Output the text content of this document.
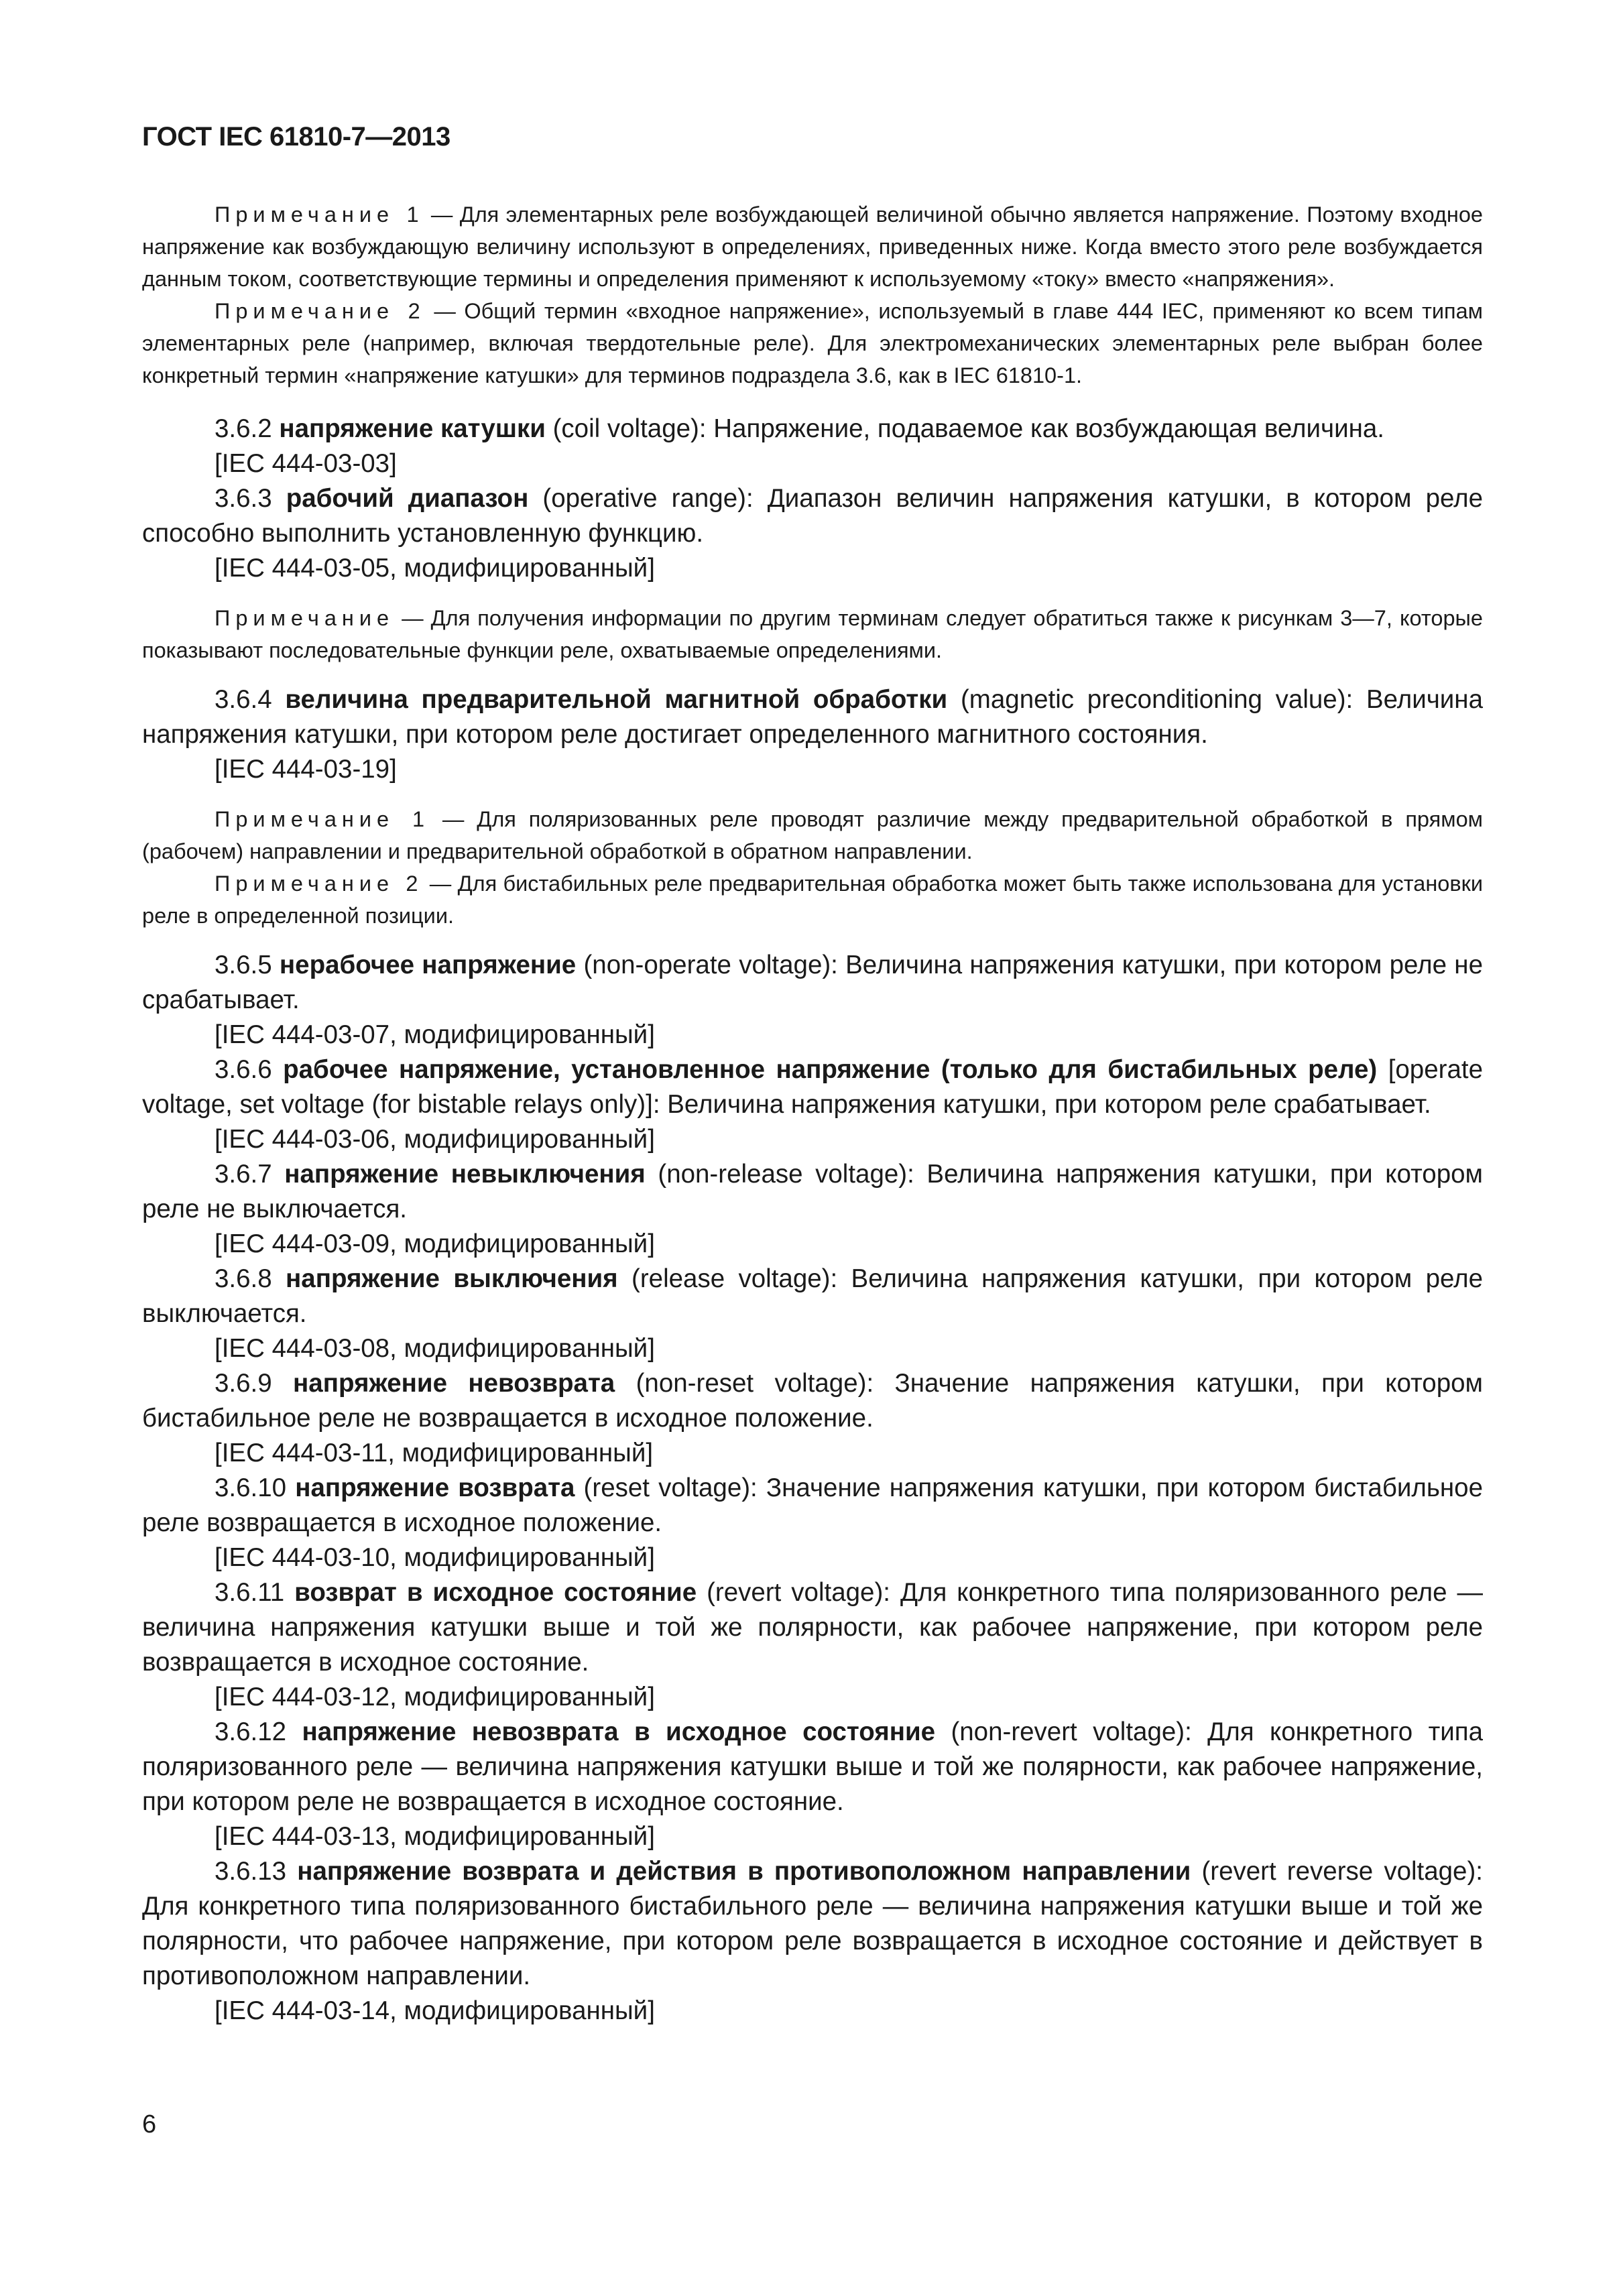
ГОСТ IEC 61810-7—2013

Примечание 1 — Для элементарных реле возбуждающей величиной обычно является напряжение. Поэтому входное напряжение как возбуждающую величину используют в определениях, приведенных ниже. Когда вместо этого реле возбуждается данным током, соответствующие термины и определения применяют к используемому «току» вместо «напряжения».

Примечание 2 — Общий термин «входное напряжение», используемый в главе 444 IEC, применяют ко всем типам элементарных реле (например, включая твердотельные реле). Для электромеханических элементарных реле выбран более конкретный термин «напряжение катушки» для терминов подраздела 3.6, как в IEC 61810-1.

3.6.2 напряжение катушки (coil voltage): Напряжение, подаваемое как возбуждающая величина.

[IEC 444-03-03]

3.6.3 рабочий диапазон (operative range): Диапазон величин напряжения катушки, в котором реле способно выполнить установленную функцию.

[IEC 444-03-05, модифицированный]

Примечание — Для получения информации по другим терминам следует обратиться также к рисункам 3—7, которые показывают последовательные функции реле, охватываемые определениями.

3.6.4 величина предварительной магнитной обработки (magnetic preconditioning value): Величина напряжения катушки, при котором реле достигает определенного магнитного состояния.

[IEC 444-03-19]

Примечание 1 — Для поляризованных реле проводят различие между предварительной обработкой в прямом (рабочем) направлении и предварительной обработкой в обратном направлении.

Примечание 2 — Для бистабильных реле предварительная обработка может быть также использована для установки реле в определенной позиции.

3.6.5 нерабочее напряжение (non-operate voltage): Величина напряжения катушки, при котором реле не срабатывает.

[IEC 444-03-07, модифицированный]

3.6.6 рабочее напряжение, установленное напряжение (только для бистабильных реле) [operate voltage, set voltage (for bistable relays only)]: Величина напряжения катушки, при котором реле срабатывает.

[IEC 444-03-06, модифицированный]

3.6.7 напряжение невыключения (non-release voltage): Величина напряжения катушки, при котором реле не выключается.

[IEC 444-03-09, модифицированный]

3.6.8 напряжение выключения (release voltage): Величина напряжения катушки, при котором реле выключается.

[IEC 444-03-08, модифицированный]

3.6.9 напряжение невозврата (non-reset voltage): Значение напряжения катушки, при котором бистабильное реле не возвращается в исходное положение.

[IEC 444-03-11, модифицированный]

3.6.10 напряжение возврата (reset voltage): Значение напряжения катушки, при котором бистабильное реле возвращается в исходное положение.

[IEC 444-03-10, модифицированный]

3.6.11 возврат в исходное состояние (revert voltage): Для конкретного типа поляризованного реле — величина напряжения катушки выше и той же полярности, как рабочее напряжение, при котором реле возвращается в исходное состояние.

[IEC 444-03-12, модифицированный]

3.6.12 напряжение невозврата в исходное состояние (non-revert voltage): Для конкретного типа поляризованного реле — величина напряжения катушки выше и той же полярности, как рабочее напряжение, при котором реле не возвращается в исходное состояние.

[IEC 444-03-13, модифицированный]

3.6.13 напряжение возврата и действия в противоположном направлении (revert reverse voltage): Для конкретного типа поляризованного бистабильного реле — величина напряжения катушки выше и той же полярности, что рабочее напряжение, при котором реле возвращается в исходное состояние и действует в противоположном направлении.

[IEC 444-03-14, модифицированный]

6
